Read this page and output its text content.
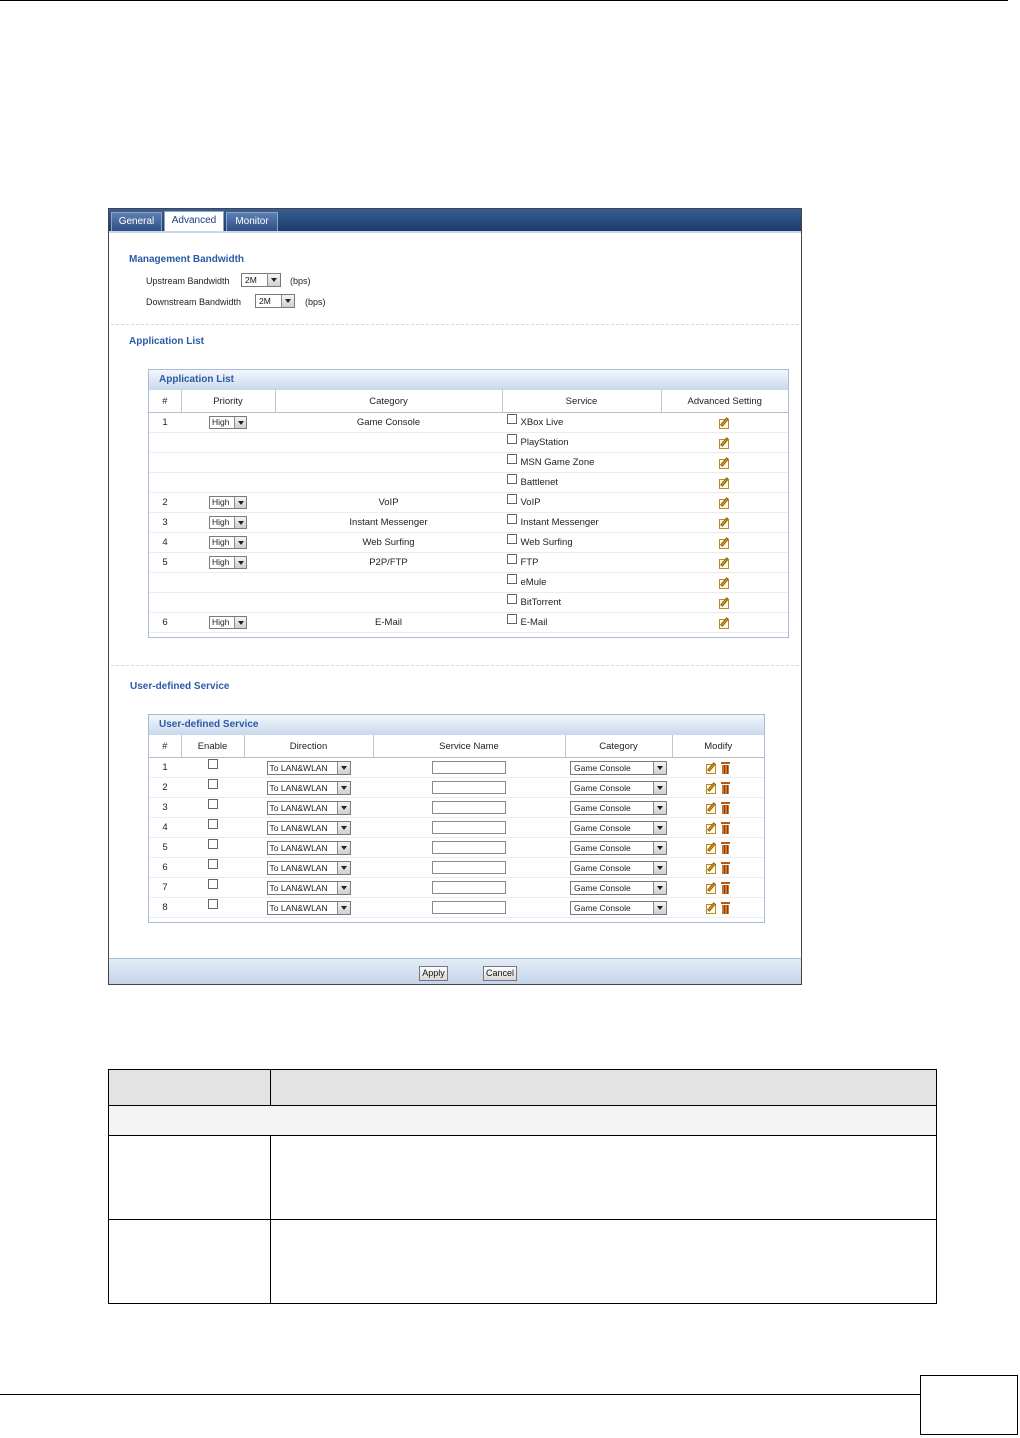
General	Advanced	Monitor
Management Bandwidth
Upstream Bandwidth	2M	(bps)
Downstream Bandwidth	2M	(bps)
Application List
Application List
#	Priority	Category	Service	Advanced Setting
1	High	Game Console	XBox Live	
			PlayStation	
			MSN Game Zone	
			Battlenet	
2	High	VoIP	VoIP	
3	High	Instant Messenger	Instant Messenger	
4	High	Web Surfing	Web Surfing	
5	High	P2P/FTP	FTP	
			eMule	
			BitTorrent	
6	High	E-Mail	E-Mail	
User-defined Service
User-defined Service
#	Enable	Direction	Service Name	Category	Modify
1		To LAN&WLAN		Game Console

2		To LAN&WLAN		Game Console

3		To LAN&WLAN		Game Console

4		To LAN&WLAN		Game Console

5		To LAN&WLAN		Game Console

6		To LAN&WLAN		Game Console

7		To LAN&WLAN		Game Console

8		To LAN&WLAN		Game Console

Apply	Cancel
